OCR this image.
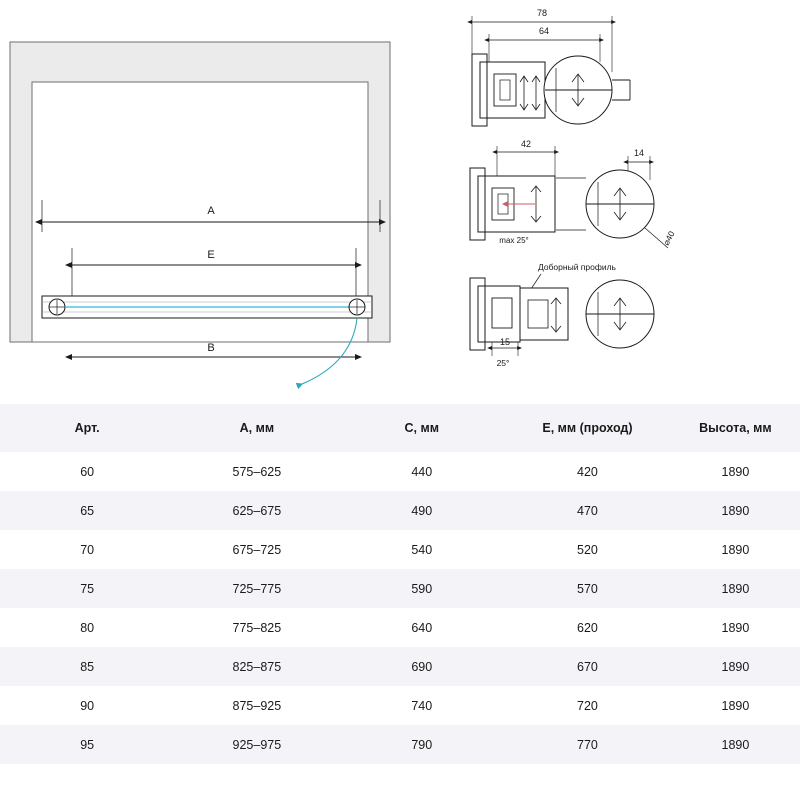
A
E
B
78
64
42
14
max 25°	⌀40
Доборный профиль
15
25°
Арт.	A, мм	C, мм	E, мм (проход)	Высота, мм
60	575–625	440	420	1890
65	625–675	490	470	1890
70	675–725	540	520	1890
75	725–775	590	570	1890
80	775–825	640	620	1890
85	825–875	690	670	1890
90	875–925	740	720	1890
95	925–975	790	770	1890
